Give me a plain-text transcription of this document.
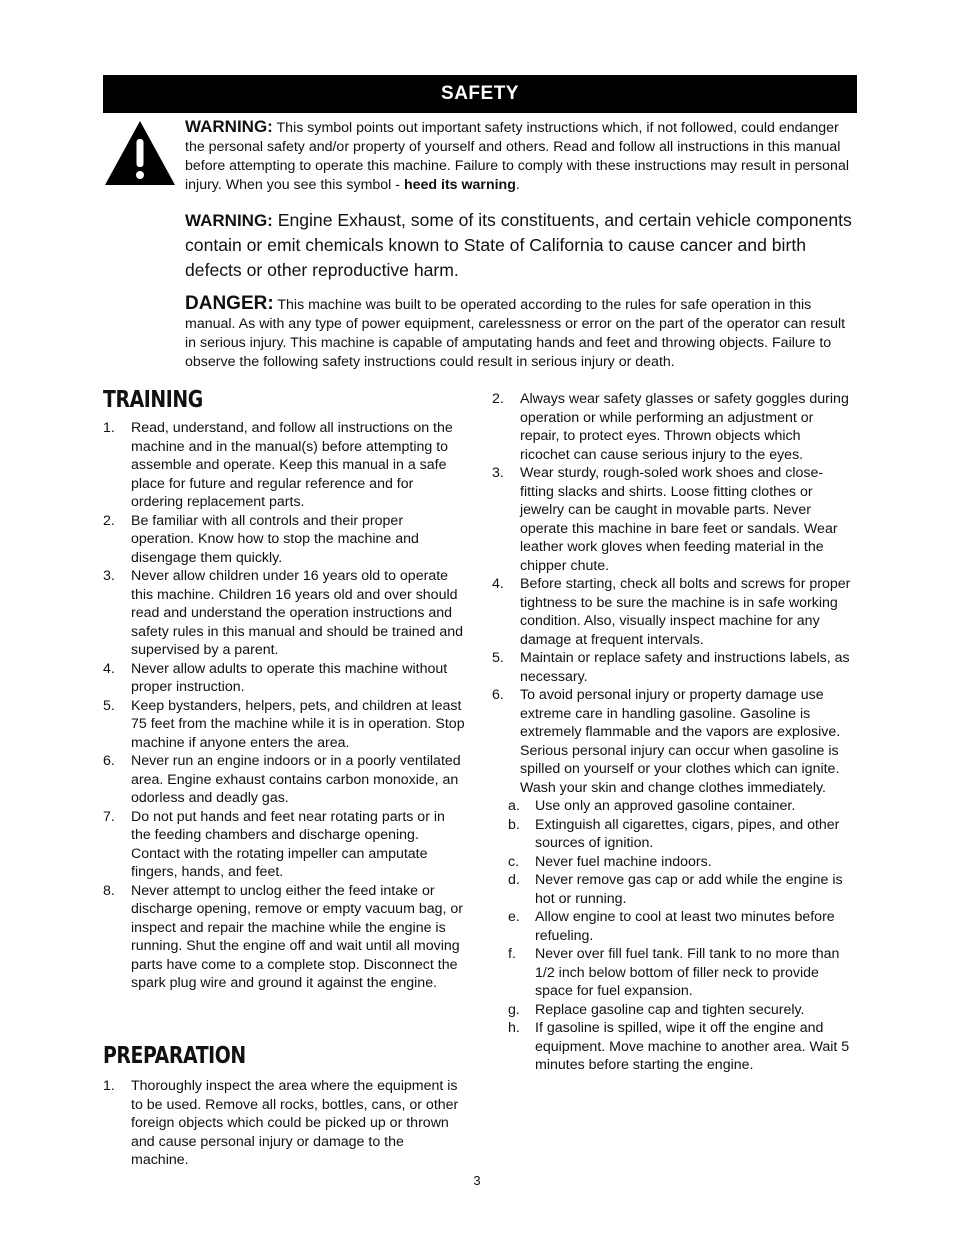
SAFETY
WARNING: This symbol points out important safety instructions which, if not followed, could endanger the personal safety and/or property of yourself and others. Read and follow all instructions in this manual before attempting to operate this machine. Failure to comply with these instructions may result in personal injury. When you see this symbol - heed its warning.
WARNING: Engine Exhaust, some of its constituents, and certain vehicle components contain or emit chemicals known to State of California to cause cancer and birth defects or other reproductive harm.
DANGER: This machine was built to be operated according to the rules for safe operation in this manual. As with any type of power equipment, carelessness or error on the part of the operator can result in serious injury. This machine is capable of amputating hands and feet and throwing objects. Failure to observe the following safety instructions could result in serious injury or death.
TRAINING
1. Read, understand, and follow all instructions on the machine and in the manual(s) before attempting to assemble and operate. Keep this manual in a safe place for future and regular reference and for ordering replacement parts.
2. Be familiar with all controls and their proper operation. Know how to stop the machine and disengage them quickly.
3. Never allow children under 16 years old to operate this machine. Children 16 years old and over should read and understand the operation instructions and safety rules in this manual and should be trained and supervised by a parent.
4. Never allow adults to operate this machine without proper instruction.
5. Keep bystanders, helpers, pets, and children at least 75 feet from the machine while it is in operation. Stop machine if anyone enters the area.
6. Never run an engine indoors or in a poorly ventilated area. Engine exhaust contains carbon monoxide, an odorless and deadly gas.
7. Do not put hands and feet near rotating parts or in the feeding chambers and discharge opening. Contact with the rotating impeller can amputate fingers, hands, and feet.
8. Never attempt to unclog either the feed intake or discharge opening, remove or empty vacuum bag, or inspect and repair the machine while the engine is running. Shut the engine off and wait until all moving parts have come to a complete stop. Disconnect the spark plug wire and ground it against the engine.
PREPARATION
1. Thoroughly inspect the area where the equipment is to be used. Remove all rocks, bottles, cans, or other foreign objects which could be picked up or thrown and cause personal injury or damage to the machine.
2. Always wear safety glasses or safety goggles during operation or while performing an adjustment or repair, to protect eyes. Thrown objects which ricochet can cause serious injury to the eyes.
3. Wear sturdy, rough-soled work shoes and close-fitting slacks and shirts. Loose fitting clothes or jewelry can be caught in movable parts. Never operate this machine in bare feet or sandals. Wear leather work gloves when feeding material in the chipper chute.
4. Before starting, check all bolts and screws for proper tightness to be sure the machine is in safe working condition. Also, visually inspect machine for any damage at frequent intervals.
5. Maintain or replace safety and instructions labels, as necessary.
6. To avoid personal injury or property damage use extreme care in handling gasoline. Gasoline is extremely flammable and the vapors are explosive. Serious personal injury can occur when gasoline is spilled on yourself or your clothes which can ignite. Wash your skin and change clothes immediately.
a. Use only an approved gasoline container.
b. Extinguish all cigarettes, cigars, pipes, and other sources of ignition.
c. Never fuel machine indoors.
d. Never remove gas cap or add while the engine is hot or running.
e. Allow engine to cool at least two minutes before refueling.
f. Never over fill fuel tank. Fill tank to no more than 1/2 inch below bottom of filler neck to provide space for fuel expansion.
g. Replace gasoline cap and tighten securely.
h. If gasoline is spilled, wipe it off the engine and equipment. Move machine to another area. Wait 5 minutes before starting the engine.
3
